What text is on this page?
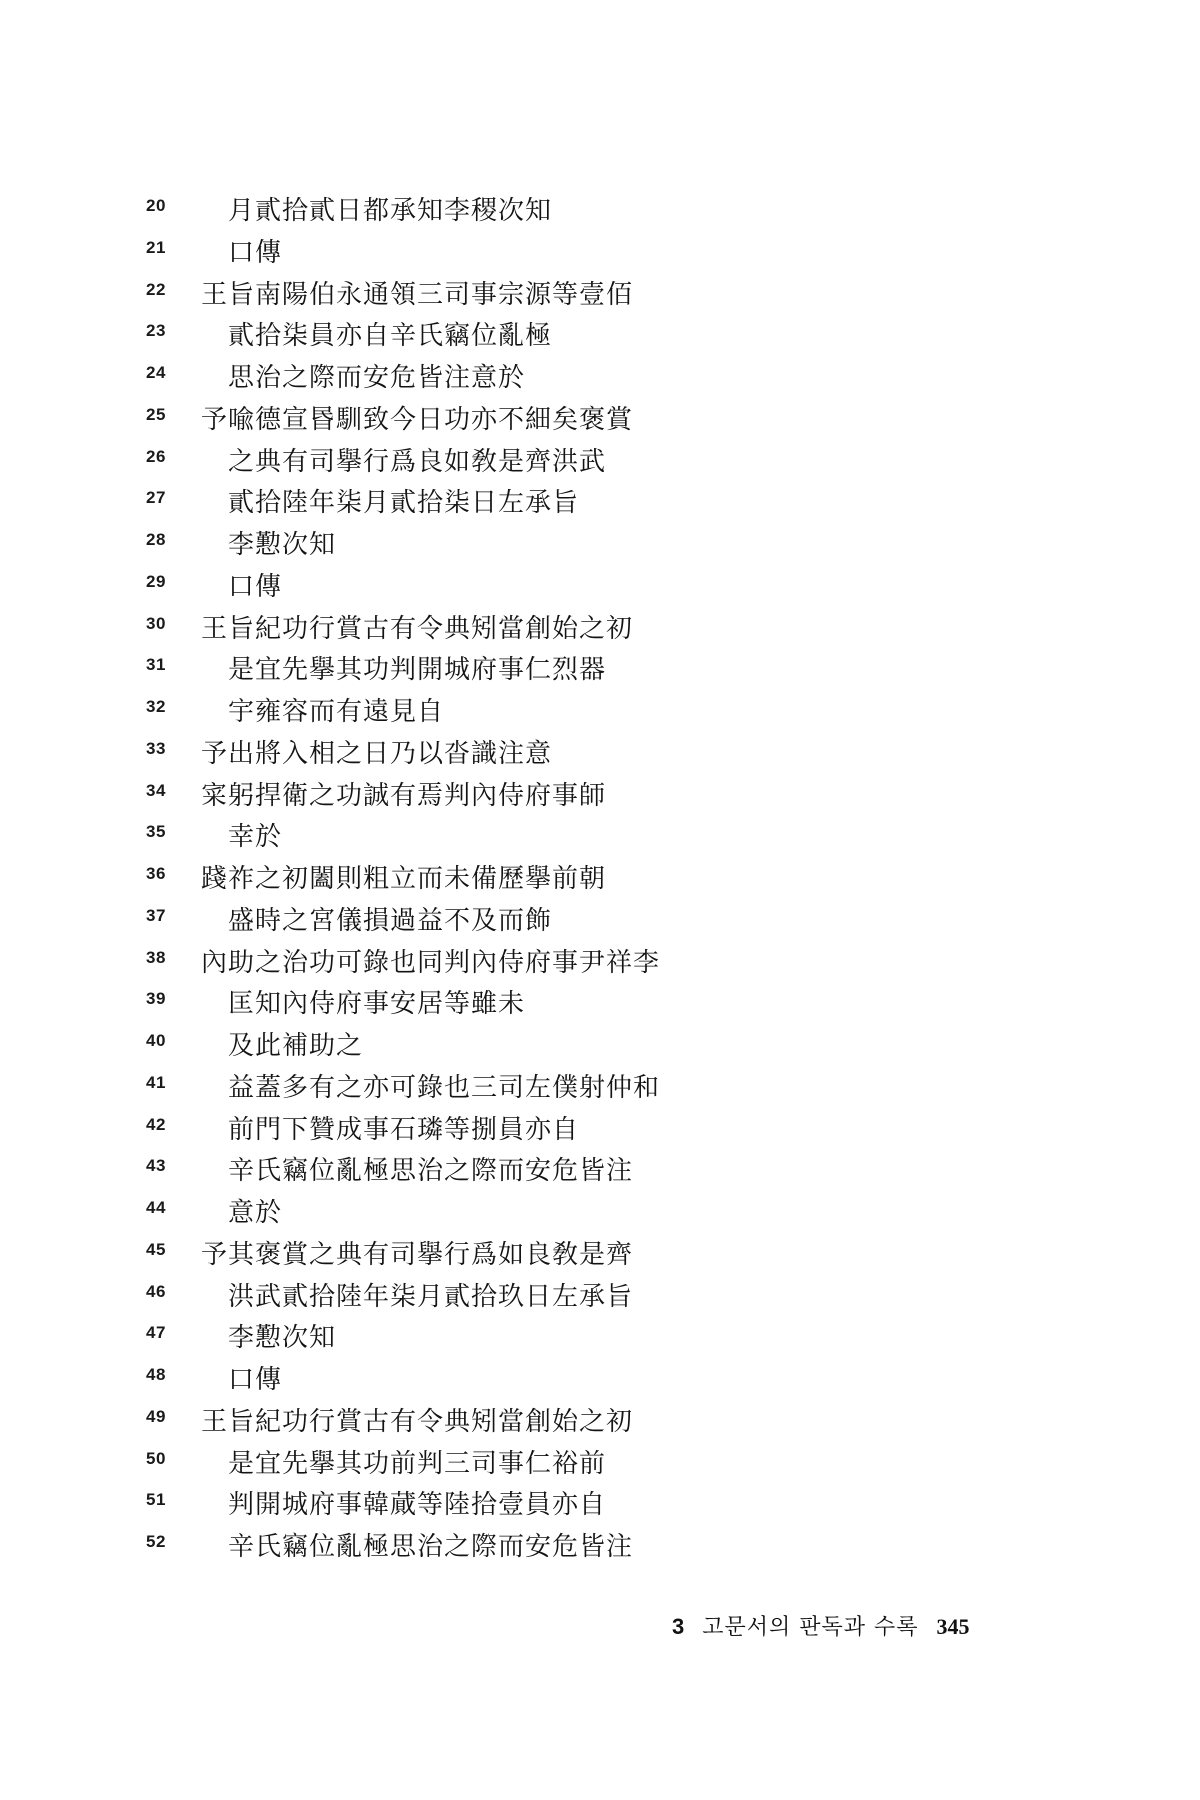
20	月貳拾貳日都承知李稷次知
21	口傳
22	王旨南陽伯永通領三司事宗源等壹佰
23	貳拾柒員亦自辛氏竊位亂極
24	思治之際而安危皆注意於
25	予喩德宣昬馴致今日功亦不細矣褒賞
26	之典有司擧行爲良如敎是齊洪武
27	貳拾陸年柒月貳拾柒日左承旨
28	李懃次知
29	口傳
30	王旨紀功行賞古有令典矧當創始之初
31	是宜先擧其功判開城府事仁烈器
32	宇雍容而有遠見自
33	予出將入相之日乃以沓識注意
34	寀躬捍衛之功誠有焉判內侍府事師
35	幸於
36	踐祚之初闔則粗立而未備歷擧前朝
37	盛時之宮儀損過益不及而飾
38	內助之治功可錄也同判內侍府事尹祥李
39	匡知內侍府事安居等雖未
40	及此補助之
41	益蓋多有之亦可錄也三司左僕射仲和
42	前門下贊成事石璘等捌員亦自
43	辛氏竊位亂極思治之際而安危皆注
44	意於
45	予其褒賞之典有司擧行爲如良敎是齊
46	洪武貳拾陸年柒月貳拾玖日左承旨
47	李懃次知
48	口傳
49	王旨紀功行賞古有令典矧當創始之初
50	是宜先擧其功前判三司事仁裕前
51	判開城府事韓蕆等陸拾壹員亦自
52	辛氏竊位亂極思治之際而安危皆注
3 고문서의 판독과 수록 345
